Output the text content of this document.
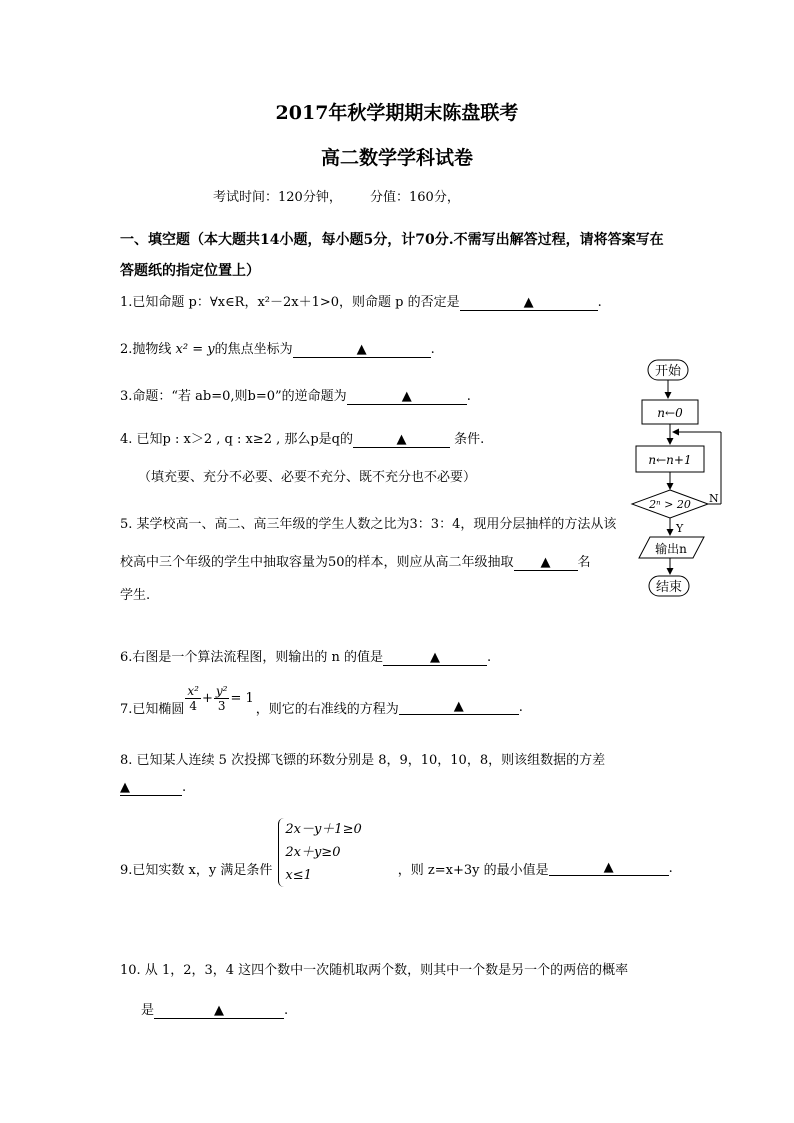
2017年秋学期期末陈盘联考
高二数学学科试卷
考试时间：120分钟， 分值：160分，
一、填空题（本大题共14小题，每小题5分，计70分.不需写出解答过程，请将答案写在
答题纸的指定位置上）
1.已知命题 p：∀x∈R，x²－2x＋1>0，则命题 p 的否定是	▲	.
2.抛物线 x² = y的焦点坐标为	▲	.
3.命题：“若 ab=0,则b=0”的逆命题为	▲	.
4. 已知p : x＞2 , q : x≥2 , 那么p是q的	▲	条件.
（填充要、充分不必要、必要不充分、既不充分也不必要）
5. 某学校高一、高二、高三年级的学生人数之比为3：3：4，现用分层抽样的方法从该
校高中三个年级的学生中抽取容量为50的样本，则应从高二年级抽取 ▲ 名
学生.
开始
n←0
n←n+1
2ⁿ > 20 N
Y
输出n
结束
6.右图是一个算法流程图，则输出的 n 的值是	▲	.
7.已知椭圆 $\frac{\text{x²}}{4} + \frac{\text{y²}}{3} = 1$
，则它的右准线的方程为	▲	.
8. 已知某人连续 5 次投掷飞镖的环数分别是 8，9，10，10，8，则该组数据的方差
▲	.
9.已知实数 x，y 满足条件
2x－y＋1≥0
2x＋y≥0
x≤1	，则 z=x+3y 的最小值是	▲	.
10. 从 1，2，3，4 这四个数中一次随机取两个数，则其中一个数是另一个的两倍的概率
是	▲	.
